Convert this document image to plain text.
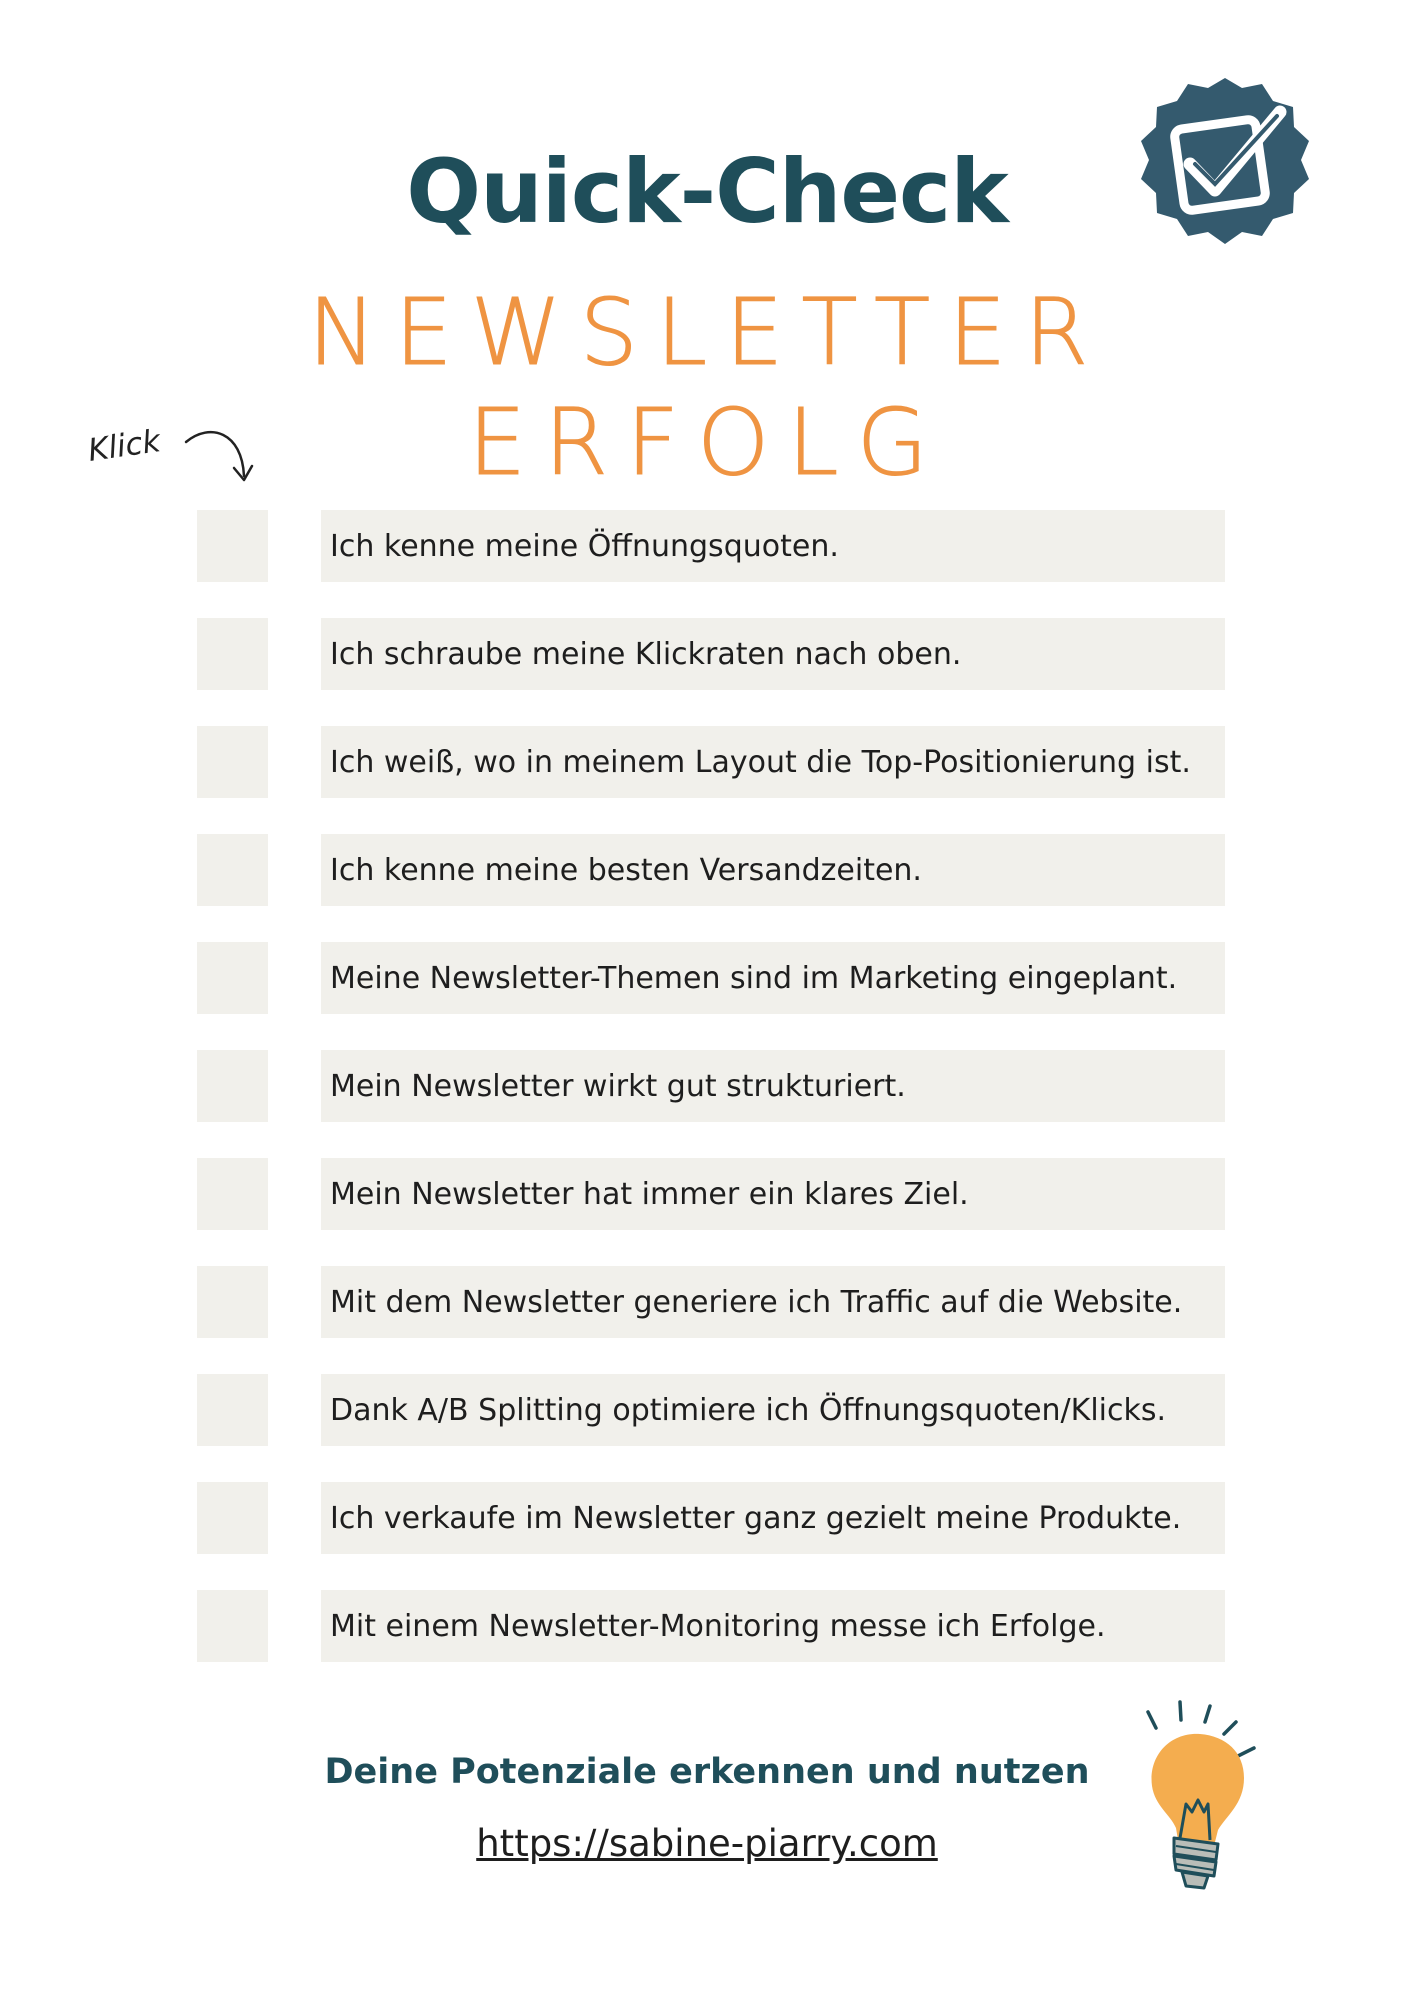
Quick-Check
NEWSLETTER ERFOLG
Klick
Ich kenne meine Öffnungsquoten.
Ich schraube meine Klickraten nach oben.
Ich weiß, wo in meinem Layout die Top-Positionierung ist.
Ich kenne meine besten Versandzeiten.
Meine Newsletter-Themen sind im Marketing eingeplant.
Mein Newsletter wirkt gut strukturiert.
Mein Newsletter hat immer ein klares Ziel.
Mit dem Newsletter generiere ich Traffic auf die Website.
Dank A/B Splitting optimiere ich Öffnungsquoten/Klicks.
Ich verkaufe im Newsletter ganz gezielt meine Produkte.
Mit einem Newsletter-Monitoring messe ich Erfolge.
Deine Potenziale erkennen und nutzen
https://sabine-piarry.com
